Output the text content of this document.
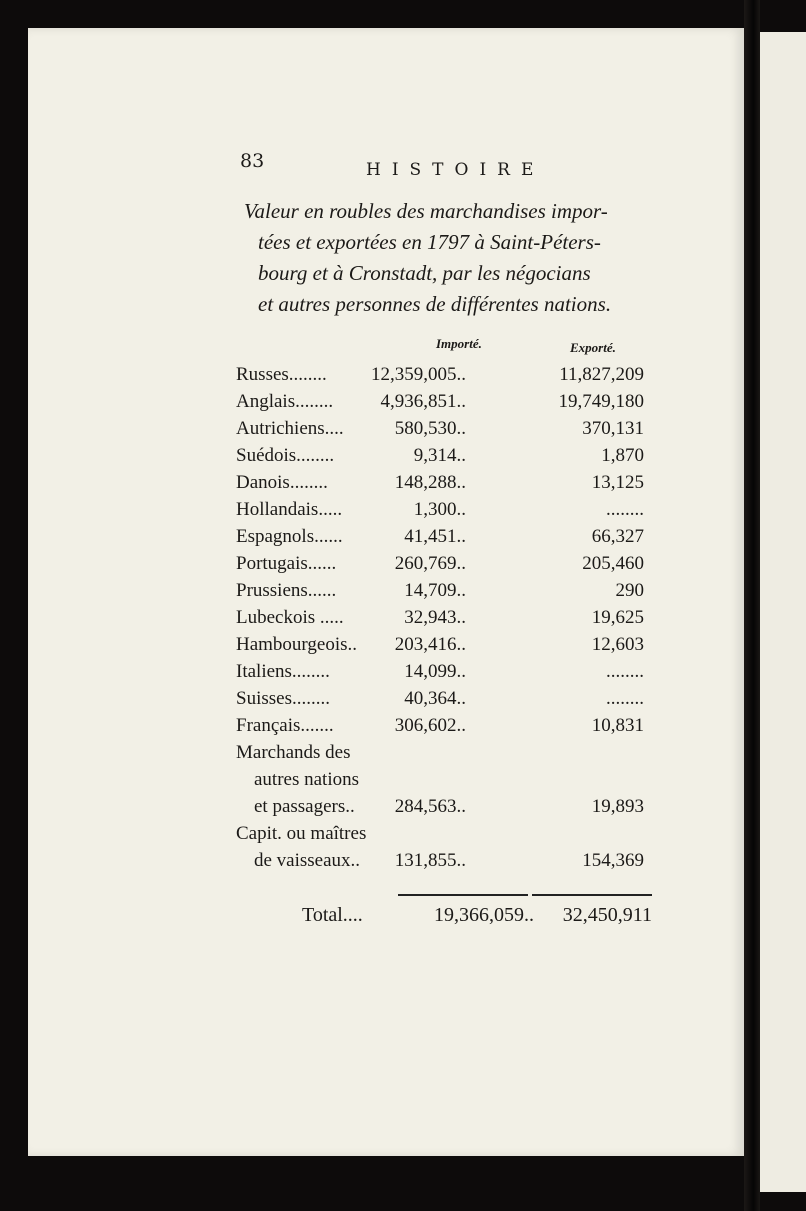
83	HISTOIRE
Valeur en roubles des marchandises impor-
tées et exportées en 1797 à Saint-Péters-
bourg et à Cronstadt, par les négocians
et autres personnes de différentes nations.
Importé.	Exporté.
Russes........ 12,359,005..	11,827,209
Anglais........ 4,936,851..	19,749,180
Autrichiens....	580,530..	370,131
Suédois........	9,314..	1,870
Danois........	148,288..	13,125
Hollandais.....	1,300..	........
Espagnols......	41,451..	66,327
Portugais......	260,769..	205,460
Prussiens......	14,709..	290
Lubeckois .....	32,943..	19,625
Hambourgeois.. 203,416..	12,603
Italiens........	14,099..	........
Suisses........	40,364..	........
Français.......	306,602..	10,831
Marchands des
autres nations
et passagers.. 284,563..	19,893
Capit. ou maîtres
de vaisseaux.. 131,855..	154,369
Total....	19,366,059.. 32,450,911
